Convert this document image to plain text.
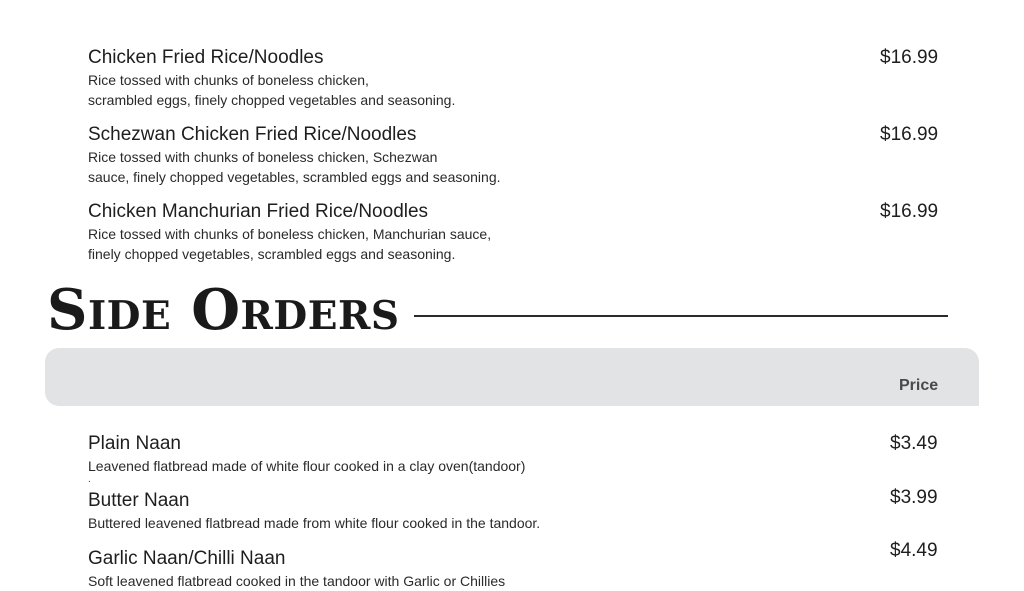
Chicken Fried Rice/Noodles
Rice tossed with chunks of boneless chicken,
scrambled eggs, finely chopped vegetables and seasoning.
$16.99
Schezwan Chicken Fried Rice/Noodles
Rice tossed with chunks of boneless chicken, Schezwan
sauce, finely chopped vegetables, scrambled eggs and seasoning.
$16.99
Chicken Manchurian Fried Rice/Noodles
Rice tossed with chunks of boneless chicken, Manchurian sauce,
finely chopped vegetables, scrambled eggs and seasoning.
$16.99
Side Orders
Price
Plain Naan
Leavened flatbread made of white flour cooked in a clay oven(tandoor)
.
$3.49
Butter Naan
Buttered leavened flatbread made from white flour cooked in the tandoor.
$3.99
Garlic Naan/Chilli Naan
Soft leavened flatbread cooked in the tandoor with Garlic or Chillies
$4.49
